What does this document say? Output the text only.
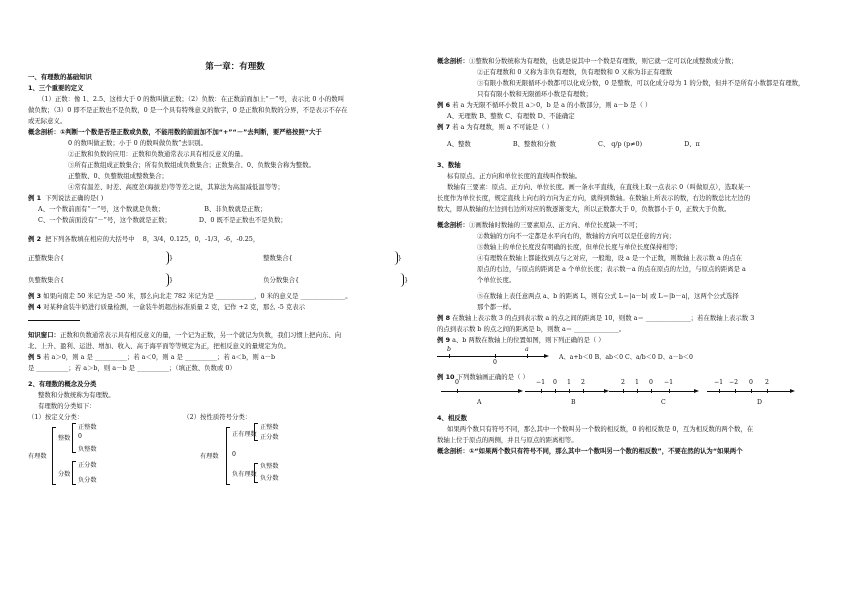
第一章：有理数
一、有理数的基础知识
1、三个重要的定义
（1）正数：像 1、2.5、这样大于 0 的数叫做正数；（2）负数：在正数前面加上“－”号，表示比 0 小的数叫
做负数；（3）0 即不是正数也不是负数，0 是一个具有特殊意义的数字，0 是正数和负数的分界，不是表示不存在
或无际意义。
概念剖析：①判断一个数是否是正数或负数，不能用数的前面加不加“+”“－”去判断，要严格按照“大于
0 的数叫做正数；小于 0 的数叫做负数”去识别。
②正数和负数的应用：正数和负数通常表示具有相反意义的量。
③所有正数组成正数集合；所有负数组成负数集合；正数集合、0、负数集合称为整数。
正整数、0、负整数组成整数集合；
④常有温差、时差、高度差(海拔差)等等差之说，其算法为高温减低温等等；
例 1 下列说法正确的是( )
A、一个数前面有“－”号，这个数就是负数；	B、非负数就是正数；
C、一个数前面没有“－”号，这个数就是正数；	D、0 既不是正数也不是负数；
例 2 把下列各数填在相应的大括号中 8，3/4，0.125，0，-1/3，-6，-0.25，
正整数集合{	}	整数集合{	}
负整数集合{	}	负分数集合{	}
例 3 如果向南走 50 米记为是 -50 米，那么向北走 782 米记为是 ____________，0 米的意义是 ______________。
例 4 对某种盒装牛奶进行质量检测，一盒装牛奶超出标准质量 2 克，记作 +2 克，那么 -5 克表示
知识窗口：正数和负数通常表示具有相反意义的量，一个记为正数，另一个就记为负数，我们习惯上把向东、向
北、上升、盈利、运进、增加、收入、高于海平面等等规定为正，把相反意义的量规定为负。
例 5 若 a＞0，则 a 是 __________；若 a＜0，则 a 是 __________；若 a＜b，则 a－b
是 __________；若 a＞b，则 a－b 是 __________；（填正数、负数或 0）
2、有理数的概念及分类
整数和分数统称为有理数。
有理数的分类如下：
（1）按定义分类：	（2）按性质符号分类：
有理数
整数
正整数
0
负整数
分数
正分数
负分数
有理数
正有理数
正整数
正分数
0
负有理数
负整数
负分数
概念剖析：①整数和分数统称为有理数，也就是说其中一个数是有理数，则它就一定可以化成整数或分数；
②正有理数和 0 又称为非负有理数，负有理数和 0 又称为非正有理数
③有限小数和无限循环小数都可以化成分数，0 是整数，可以化成分母为 1 的分数，但并不是所有小数都是有理数，
只有有限小数和无限循环小数是有理数；
例 6 若 a 为无限不循环小数且 a＞0，b 是 a 的小数部分，则 a－b 是（ ）
A、无理数 B、整数 C、有理数 D、不能确定
例 7 若 a 为有理数，则 a 不可能是（ ）
A、整数	B、整数和分数	C、 q/p (p≠0)	D、π
3、数轴
标有原点、正方向和单位长度的直线叫作数轴。
数轴有三要素：原点、正方向、单位长度。画一条水平直线，在直线上取一点表示 0（叫做原点），选取某一
长度作为单位长度，规定直线上向右的方向为正方向，就得到数轴。在数轴上所表示的数，右边的数总比左边的
数大，即从数轴的左边到右边所对应的数逐渐变大，所以正数都大于 0，负数都小于 0，正数大于负数。
概念剖析：①画数轴时数轴的三要素原点、正方向、单位长度缺一不可；
②数轴的方向不一定都是水平向右的，数轴的方向可以是任意的方向；
③数轴上的单位长度没有明确的长度，但单位长度与单位长度保持相等；
④有理数在数轴上都能找到点与之对应，一般地，设 a 是一个正数，则数轴上表示数 a 的点在
原点的右边，与原点的距离是 a 个单位长度；表示数－a 的点在原点的左边，与原点的距离是 a
个单位长度。
⑤在数轴上表任意两点 a、b 的距离 L，则有公式 L＝|a－b| 或 L＝|b－a|，这两个公式选择
那个都一样。
例 8 在数轴上表示数 3 的点到表示数 a 的点之间的距离是 10，则数 a＝ ______________；若在数轴上表示数 3
的点到表示数 b 的点之间的距离是 b，则数 a＝ ______________。
例 9 a、b 两数在数轴上的位置如图，则下列正确的是（ ）
b
0
a
A、a+b＜0 B、ab＜0 C、a/b＜0 D、a－b＜0
例 10 下列数轴画正确的是（ ）
0
A
−1 0 1 2
B
2 1 0 −1
C
−1 −2 0 2
D
4、相反数
如果两个数只有符号不同，那么其中一个数叫另一个数的相反数，0 的相反数是 0，互为相反数的两个数，在
数轴上位于原点的两侧，并且与原点的距离相等。
概念剖析：①“如果两个数只有符号不同，那么其中一个数叫另一个数的相反数”，不要在然的认为“如果两个
